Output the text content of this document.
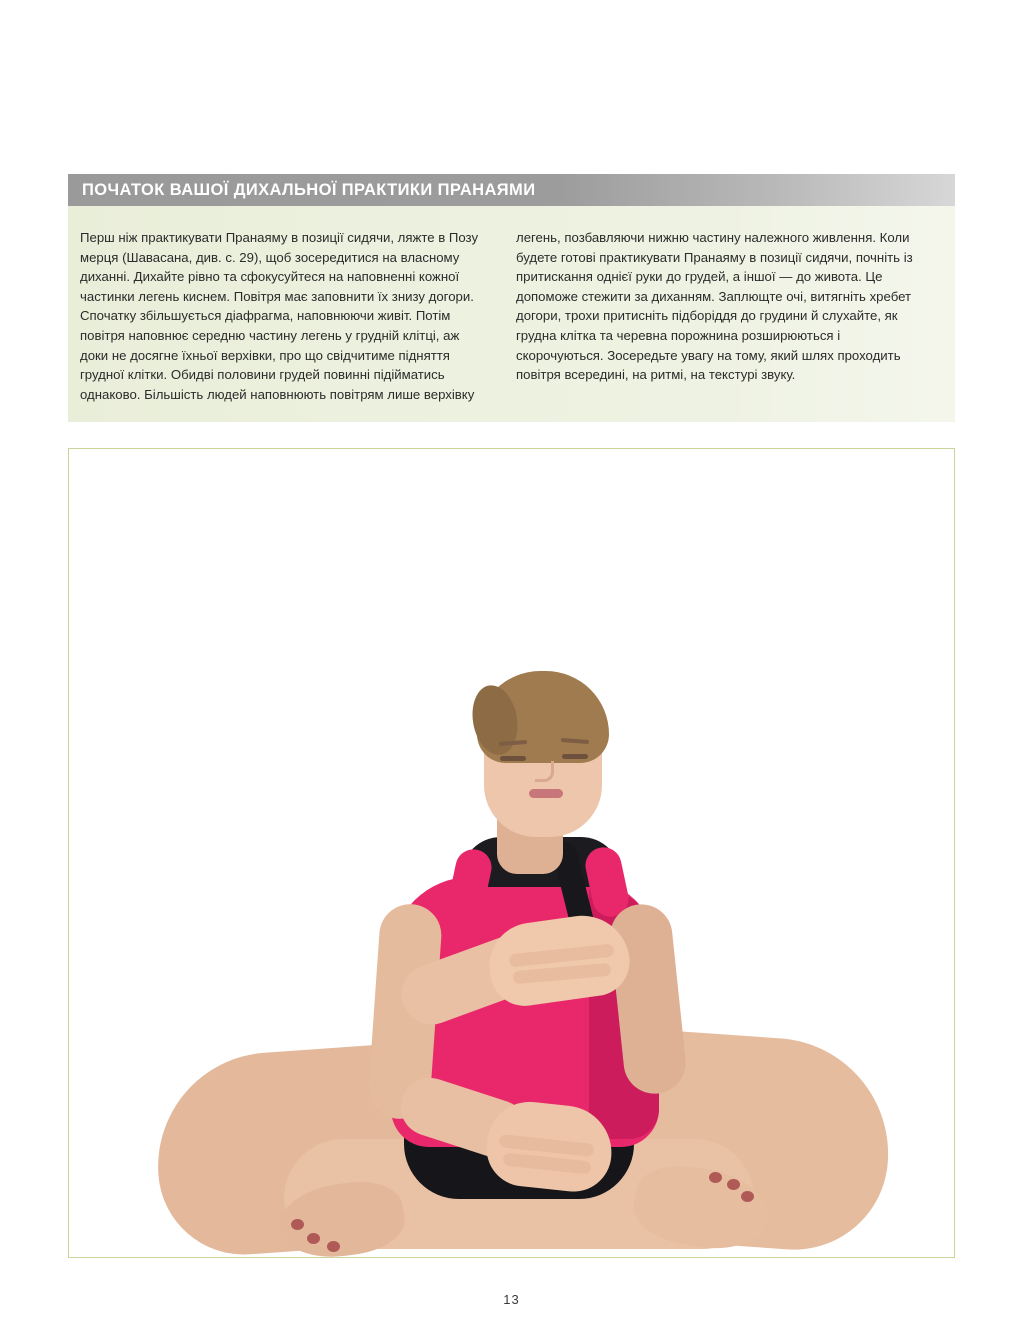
ПОЧАТОК ВАШОЇ ДИХАЛЬНОЇ ПРАКТИКИ ПРАНАЯМИ

Перш ніж практикувати Пранаяму в позиції сидячи, ляжте в Позу мерця (Шавасана, див. с. 29), щоб зосередитися на власному диханні. Дихайте рівно та сфокусуйтеся на наповненні кожної частинки легень киснем. Повітря має заповнити їх знизу догори. Спочатку збільшується діафрагма, наповнюючи живіт. Потім повітря наповнює середню частину легень у грудній клітці, аж доки не досягне їхньої верхівки, про що свідчитиме підняття грудної клітки. Обидві половини грудей повинні підійматись однаково. Більшість людей наповнюють повітрям лише верхівку

легень, позбавляючи нижню частину належного живлення. Коли будете готові практикувати Пранаяму в позиції сидячи, почніть із притискання однієї руки до грудей, а іншої — до живота. Це допоможе стежити за диханням. Заплющте очі, витягніть хребет догори, трохи притисніть підборіддя до грудини й слухайте, як грудна клітка та черевна порожнина розширюються і скорочуються. Зосередьте увагу на тому, який шлях проходить повітря всередині, на ритмі, на текстурі звуку.

13
